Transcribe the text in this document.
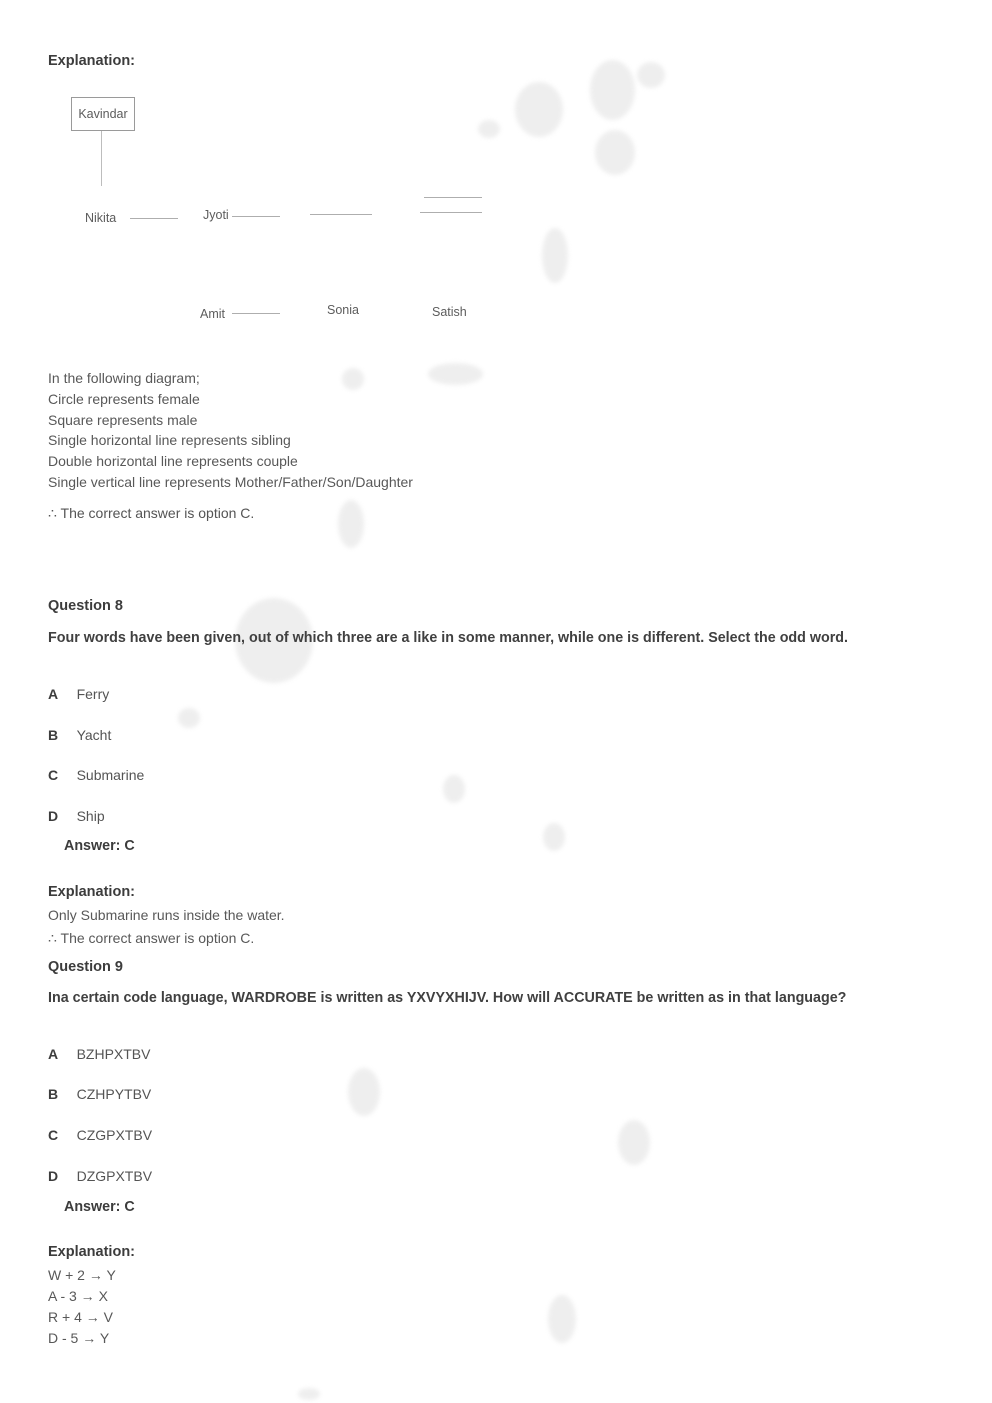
Explanation:
Kavindar
Nikita	Jyoti
Amit	Sonia	Satish
In the following diagram;
Circle represents female
Square represents male
Single horizontal line represents sibling
Double horizontal line represents couple
Single vertical line represents Mother/Father/Son/Daughter
∴ The correct answer is option C.
Question 8
Four words have been given, out of which three are a like in some manner, while one is different. Select the odd word.
A Ferry
B Yacht
C Submarine
D Ship
Answer: C
Explanation:
Only Submarine runs inside the water.
∴ The correct answer is option C.
Question 9
Ina certain code language, WARDROBE is written as YXVYXHIJV. How will ACCURATE be written as in that language?
A BZHPXTBV
B CZHPYTBV
C CZGPXTBV
D DZGPXTBV
Answer: C
Explanation:
W + 2 → Y
A - 3 → X
R + 4 → V
D - 5 → Y
